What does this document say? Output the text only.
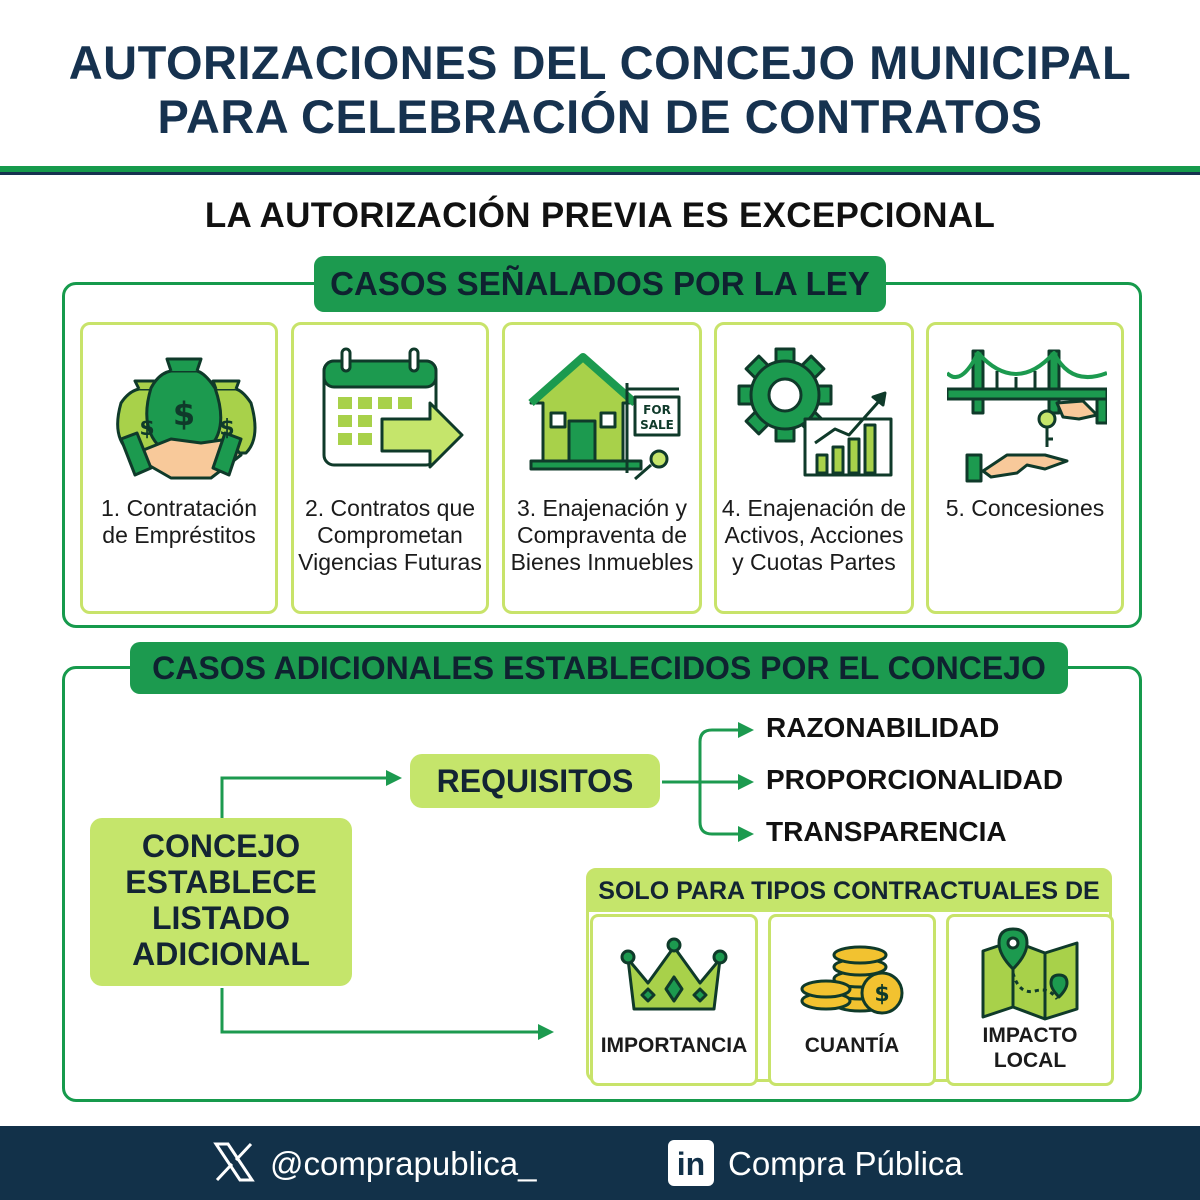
AUTORIZACIONES DEL CONCEJO MUNICIPAL
PARA CELEBRACIÓN DE CONTRATOS
LA AUTORIZACIÓN PREVIA ES EXCEPCIONAL
CASOS SEÑALADOS POR LA LEY
$
$	$
1. Contratación de Empréstitos
2. Contratos que Comprometan Vigencias Futuras
FOR
SALE
3. Enajenación y Compraventa de Bienes Inmuebles
4. Enajenación de Activos, Acciones y Cuotas Partes
5. Concesiones
CASOS ADICIONALES ESTABLECIDOS POR EL CONCEJO
CONCEJO
ESTABLECE
LISTADO
ADICIONAL
REQUISITOS
RAZONABILIDAD
PROPORCIONALIDAD
TRANSPARENCIA
SOLO PARA TIPOS CONTRACTUALES DE
IMPORTANCIA
$
CUANTÍA	IMPACTO
LOCAL
@comprapublica_	in Compra Pública
